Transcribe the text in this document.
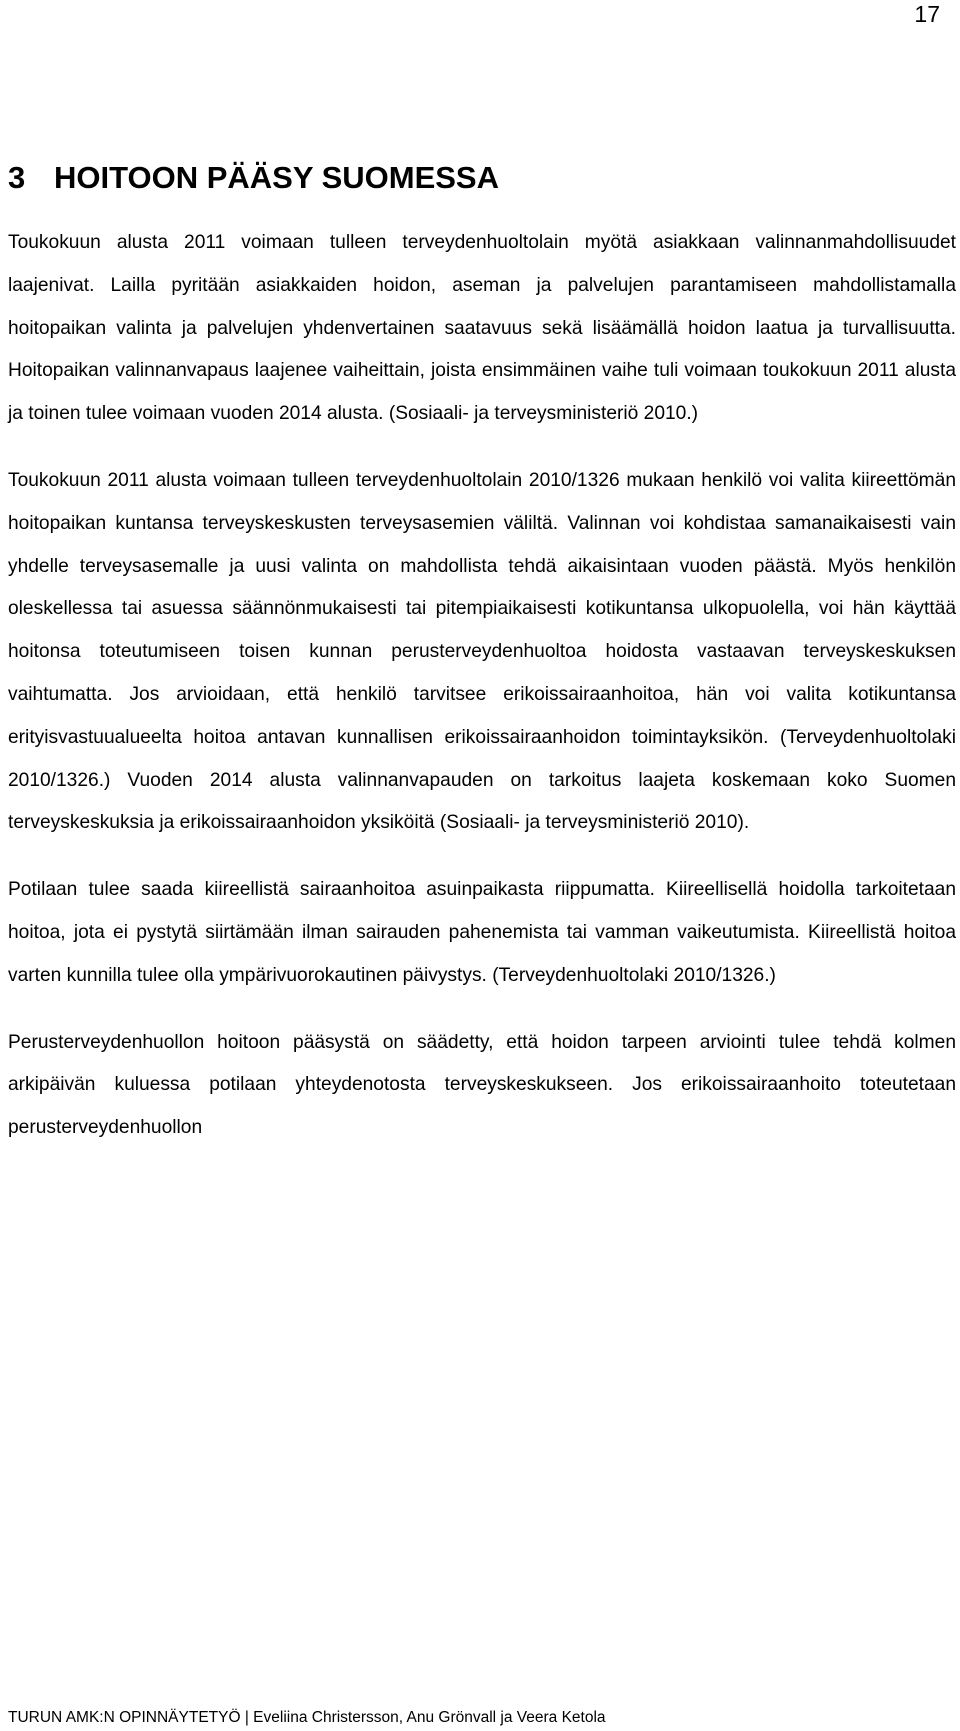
17

3 HOITOON PÄÄSY SUOMESSA

Toukokuun alusta 2011 voimaan tulleen terveydenhuoltolain myötä asiakkaan valinnanmahdollisuudet laajenivat. Lailla pyritään asiakkaiden hoidon, aseman ja palvelujen parantamiseen mahdollistamalla hoitopaikan valinta ja palvelujen yhdenvertainen saatavuus sekä lisäämällä hoidon laatua ja turvallisuutta. Hoitopaikan valinnanvapaus laajenee vaiheittain, joista ensimmäinen vaihe tuli voimaan toukokuun 2011 alusta ja toinen tulee voimaan vuoden 2014 alusta. (Sosiaali- ja terveysministeriö 2010.)

Toukokuun 2011 alusta voimaan tulleen terveydenhuoltolain 2010/1326 mukaan henkilö voi valita kiireettömän hoitopaikan kuntansa terveyskeskusten terveysasemien väliltä. Valinnan voi kohdistaa samanaikaisesti vain yhdelle terveysasemalle ja uusi valinta on mahdollista tehdä aikaisintaan vuoden päästä. Myös henkilön oleskellessa tai asuessa säännönmukaisesti tai pitempiaikaisesti kotikuntansa ulkopuolella, voi hän käyttää hoitonsa toteutumiseen toisen kunnan perusterveydenhuoltoa hoidosta vastaavan terveyskeskuksen vaihtumatta. Jos arvioidaan, että henkilö tarvitsee erikoissairaanhoitoa, hän voi valita kotikuntansa erityisvastuualueelta hoitoa antavan kunnallisen erikoissairaanhoidon toimintayksikön. (Terveydenhuoltolaki 2010/1326.) Vuoden 2014 alusta valinnanvapauden on tarkoitus laajeta koskemaan koko Suomen terveyskeskuksia ja erikoissairaanhoidon yksiköitä (Sosiaali- ja terveysministeriö 2010).

Potilaan tulee saada kiireellistä sairaanhoitoa asuinpaikasta riippumatta. Kiireellisellä hoidolla tarkoitetaan hoitoa, jota ei pystytä siirtämään ilman sairauden pahenemista tai vamman vaikeutumista. Kiireellistä hoitoa varten kunnilla tulee olla ympärivuorokautinen päivystys. (Terveydenhuoltolaki 2010/1326.)

Perusterveydenhuollon hoitoon pääsystä on säädetty, että hoidon tarpeen arviointi tulee tehdä kolmen arkipäivän kuluessa potilaan yhteydenotosta terveyskeskukseen. Jos erikoissairaanhoito toteutetaan perusterveydenhuollon

TURUN AMK:N OPINNÄYTETYÖ | Eveliina Christersson, Anu Grönvall ja Veera Ketola
